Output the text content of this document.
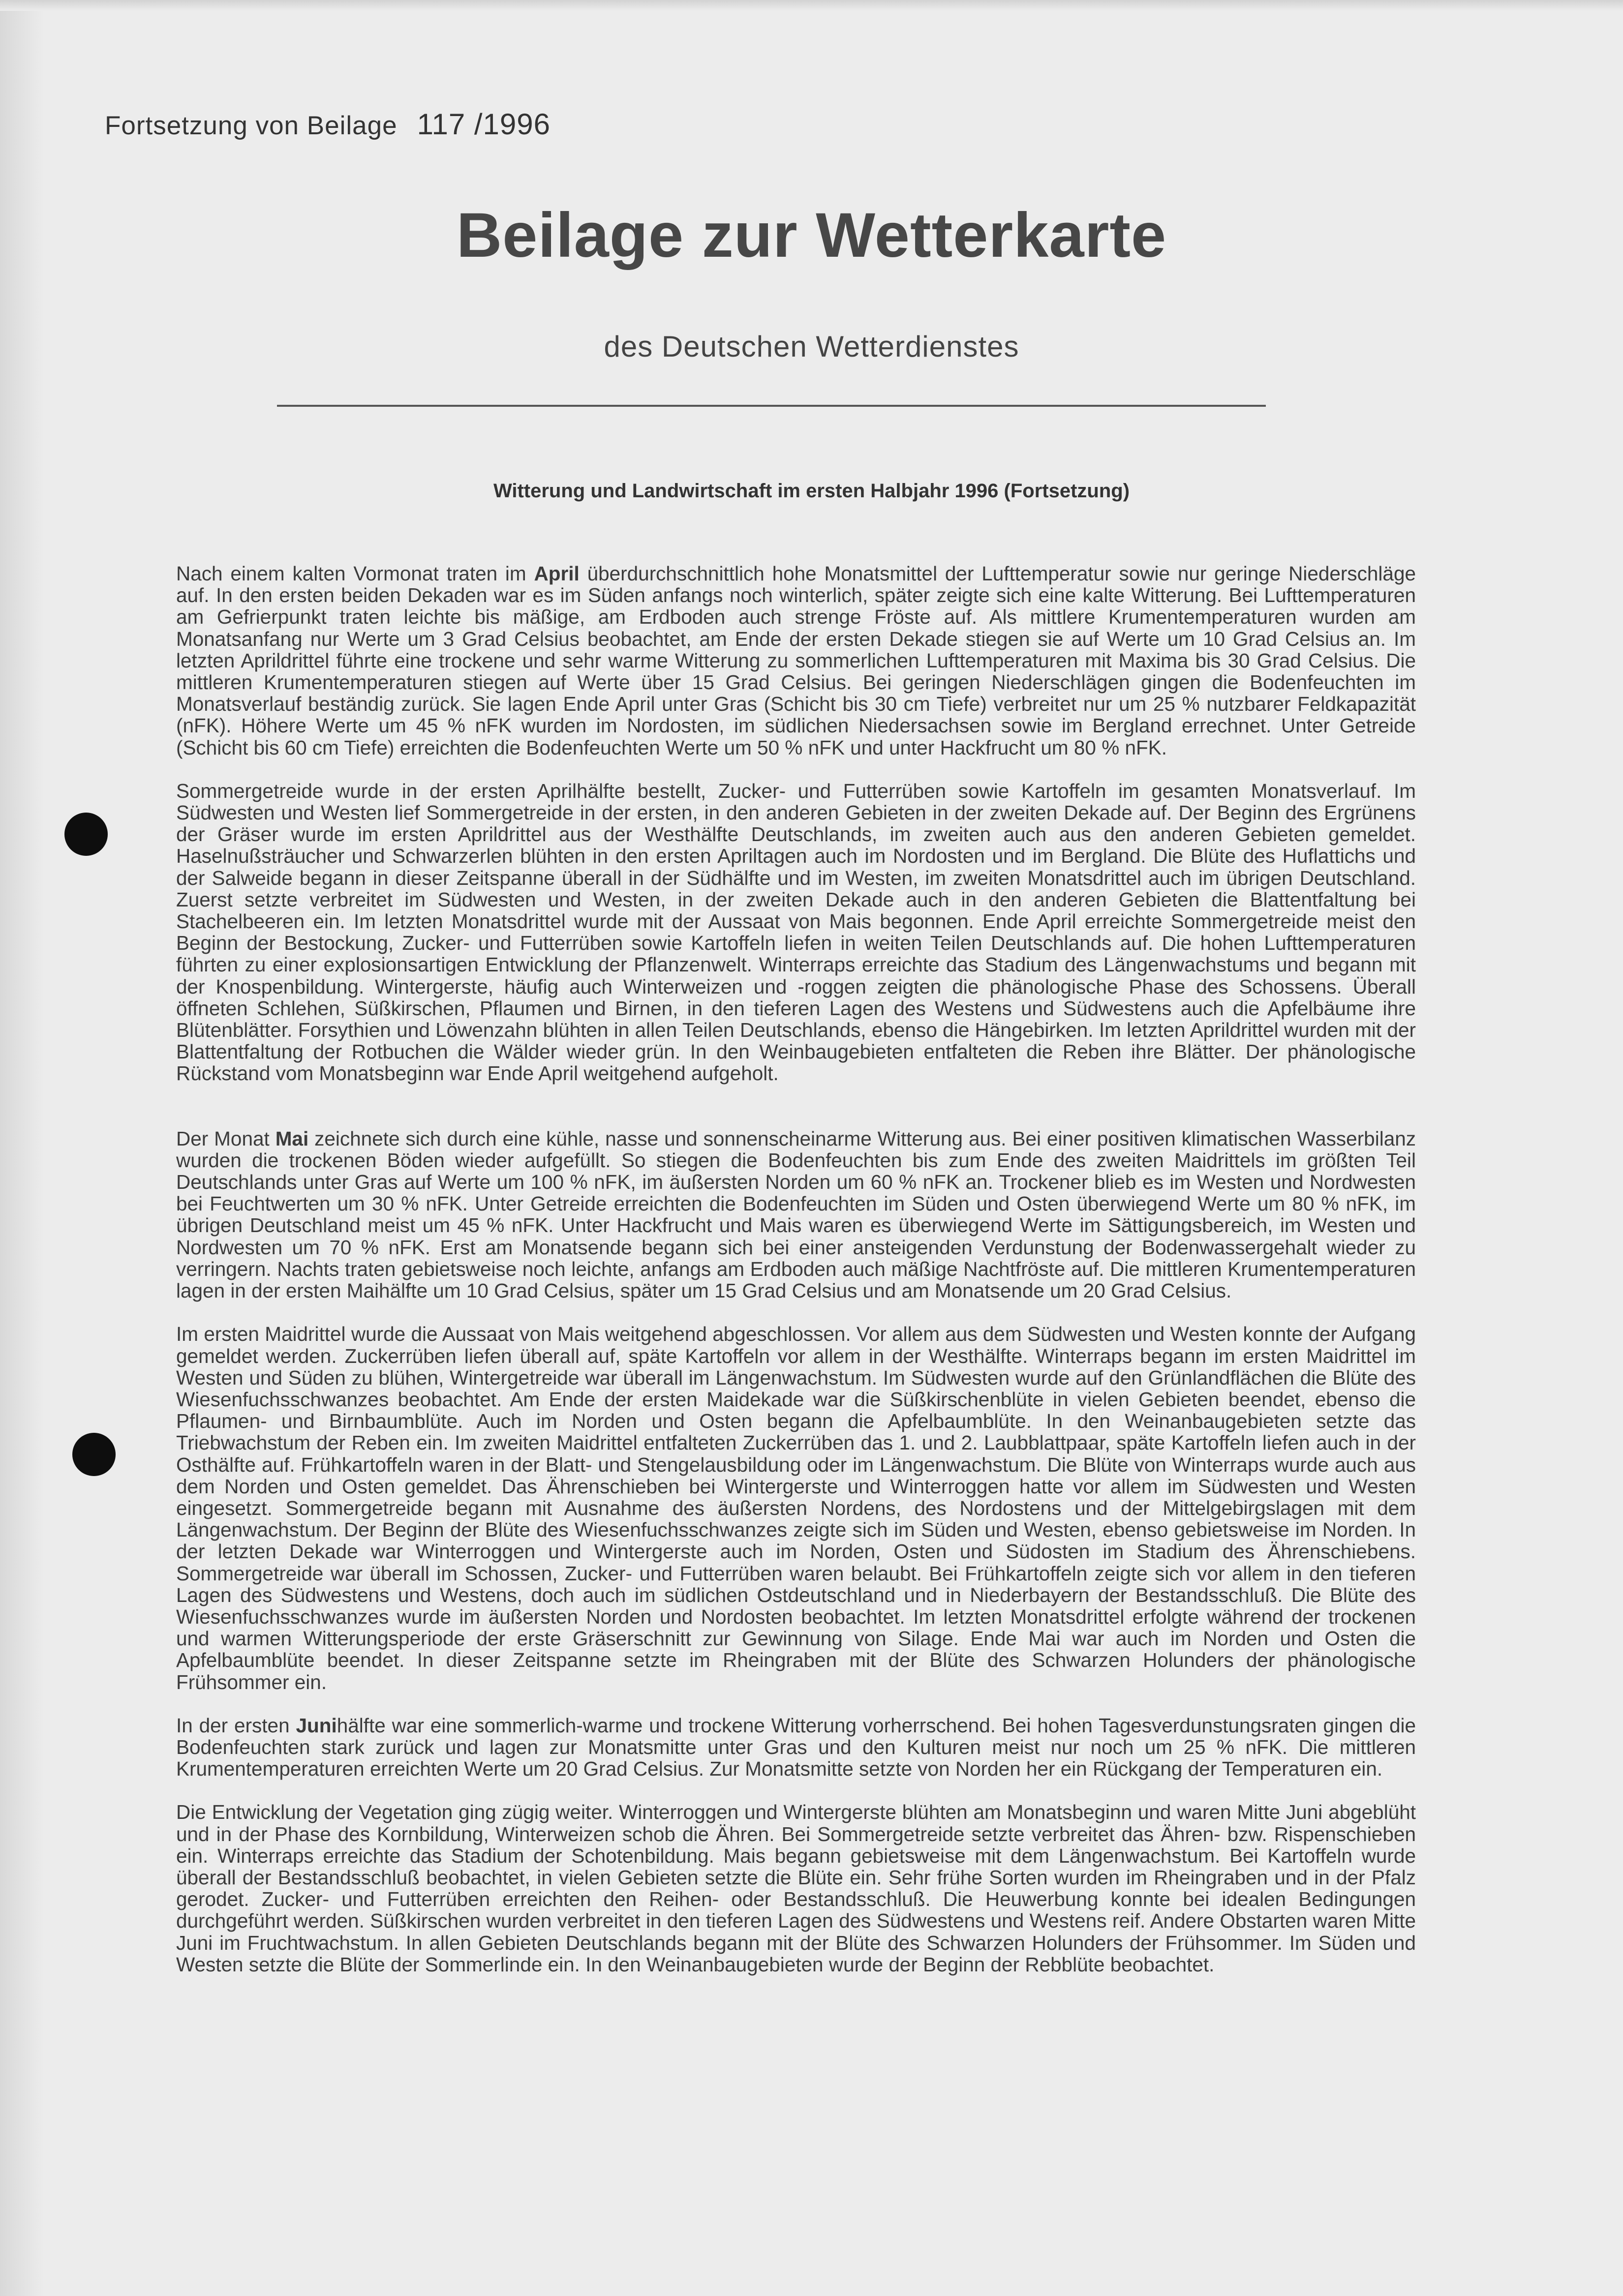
Fortsetzung von Beilage 117 /1996
Beilage zur Wetterkarte
des Deutschen Wetterdienstes
Witterung und Landwirtschaft im ersten Halbjahr 1996 (Fortsetzung)

Nach einem kalten Vormonat traten im April überdurchschnittlich hohe Monatsmittel der Lufttemperatur sowie nur geringe Niederschläge auf. In den ersten beiden Dekaden war es im Süden anfangs noch winterlich, später zeigte sich eine kalte Witterung. Bei Lufttemperaturen am Gefrierpunkt traten leichte bis mäßige, am Erdboden auch strenge Fröste auf. Als mittlere Krumentemperaturen wurden am Monatsanfang nur Werte um 3 Grad Celsius beobachtet, am Ende der ersten Dekade stiegen sie auf Werte um 10 Grad Celsius an. Im letzten Aprildrittel führte eine trockene und sehr warme Witterung zu sommerlichen Lufttemperaturen mit Maxima bis 30 Grad Celsius. Die mittleren Krumentemperaturen stiegen auf Werte über 15 Grad Celsius. Bei geringen Niederschlägen gingen die Bodenfeuchten im Monatsverlauf beständig zurück. Sie lagen Ende April unter Gras (Schicht bis 30 cm Tiefe) verbreitet nur um 25 % nutzbarer Feldkapazität (nFK). Höhere Werte um 45 % nFK wurden im Nordosten, im südlichen Niedersachsen sowie im Bergland errechnet. Unter Getreide (Schicht bis 60 cm Tiefe) erreichten die Bodenfeuchten Werte um 50 % nFK und unter Hackfrucht um 80 % nFK.

Sommergetreide wurde in der ersten Aprilhälfte bestellt, Zucker- und Futterrüben sowie Kartoffeln im gesamten Monatsverlauf. Im Südwesten und Westen lief Sommergetreide in der ersten, in den anderen Gebieten in der zweiten Dekade auf. Der Beginn des Ergrünens der Gräser wurde im ersten Aprildrittel aus der Westhälfte Deutschlands, im zweiten auch aus den anderen Gebieten gemeldet. Haselnußsträucher und Schwarzerlen blühten in den ersten Apriltagen auch im Nordosten und im Bergland. Die Blüte des Huflattichs und der Salweide begann in dieser Zeitspanne überall in der Südhälfte und im Westen, im zweiten Monatsdrittel auch im übrigen Deutschland. Zuerst setzte verbreitet im Südwesten und Westen, in der zweiten Dekade auch in den anderen Gebieten die Blattentfaltung bei Stachelbeeren ein. Im letzten Monatsdrittel wurde mit der Aussaat von Mais begonnen. Ende April erreichte Sommergetreide meist den Beginn der Bestockung, Zucker- und Futterrüben sowie Kartoffeln liefen in weiten Teilen Deutschlands auf. Die hohen Lufttemperaturen führten zu einer explosionsartigen Entwicklung der Pflanzenwelt. Winterraps erreichte das Stadium des Längenwachstums und begann mit der Knospenbildung. Wintergerste, häufig auch Winterweizen und -roggen zeigten die phänologische Phase des Schossens. Überall öffneten Schlehen, Süßkirschen, Pflaumen und Birnen, in den tieferen Lagen des Westens und Südwestens auch die Apfelbäume ihre Blütenblätter. Forsythien und Löwenzahn blühten in allen Teilen Deutschlands, ebenso die Hängebirken. Im letzten Aprildrittel wurden mit der Blattentfaltung der Rotbuchen die Wälder wieder grün. In den Weinbaugebieten entfalteten die Reben ihre Blätter. Der phänologische Rückstand vom Monatsbeginn war Ende April weitgehend aufgeholt.

Der Monat Mai zeichnete sich durch eine kühle, nasse und sonnenscheinarme Witterung aus. Bei einer positiven klimatischen Wasserbilanz wurden die trockenen Böden wieder aufgefüllt. So stiegen die Bodenfeuchten bis zum Ende des zweiten Maidrittels im größten Teil Deutschlands unter Gras auf Werte um 100 % nFK, im äußersten Norden um 60 % nFK an. Trockener blieb es im Westen und Nordwesten bei Feuchtwerten um 30 % nFK. Unter Getreide erreichten die Bodenfeuchten im Süden und Osten überwiegend Werte um 80 % nFK, im übrigen Deutschland meist um 45 % nFK. Unter Hackfrucht und Mais waren es überwiegend Werte im Sättigungsbereich, im Westen und Nordwesten um 70 % nFK. Erst am Monatsende begann sich bei einer ansteigenden Verdunstung der Bodenwassergehalt wieder zu verringern. Nachts traten gebietsweise noch leichte, anfangs am Erdboden auch mäßige Nachtfröste auf. Die mittleren Krumentemperaturen lagen in der ersten Maihälfte um 10 Grad Celsius, später um 15 Grad Celsius und am Monatsende um 20 Grad Celsius.

Im ersten Maidrittel wurde die Aussaat von Mais weitgehend abgeschlossen. Vor allem aus dem Südwesten und Westen konnte der Aufgang gemeldet werden. Zuckerrüben liefen überall auf, späte Kartoffeln vor allem in der Westhälfte. Winterraps begann im ersten Maidrittel im Westen und Süden zu blühen, Wintergetreide war überall im Längenwachstum. Im Südwesten wurde auf den Grünlandflächen die Blüte des Wiesenfuchsschwanzes beobachtet. Am Ende der ersten Maidekade war die Süßkirschenblüte in vielen Gebieten beendet, ebenso die Pflaumen- und Birnbaumblüte. Auch im Norden und Osten begann die Apfelbaumblüte. In den Weinanbaugebieten setzte das Triebwachstum der Reben ein. Im zweiten Maidrittel entfalteten Zuckerrüben das 1. und 2. Laubblattpaar, späte Kartoffeln liefen auch in der Osthälfte auf. Frühkartoffeln waren in der Blatt- und Stengelausbildung oder im Längenwachstum. Die Blüte von Winterraps wurde auch aus dem Norden und Osten gemeldet. Das Ährenschieben bei Wintergerste und Winterroggen hatte vor allem im Südwesten und Westen eingesetzt. Sommergetreide begann mit Ausnahme des äußersten Nordens, des Nordostens und der Mittelgebirgslagen mit dem Längenwachstum. Der Beginn der Blüte des Wiesenfuchsschwanzes zeigte sich im Süden und Westen, ebenso gebietsweise im Norden. In der letzten Dekade war Winterroggen und Wintergerste auch im Norden, Osten und Südosten im Stadium des Ährenschiebens. Sommergetreide war überall im Schossen, Zucker- und Futterrüben waren belaubt. Bei Frühkartoffeln zeigte sich vor allem in den tieferen Lagen des Südwestens und Westens, doch auch im südlichen Ostdeutschland und in Niederbayern der Bestandsschluß. Die Blüte des Wiesenfuchsschwanzes wurde im äußersten Norden und Nordosten beobachtet. Im letzten Monatsdrittel erfolgte während der trockenen und warmen Witterungsperiode der erste Gräserschnitt zur Gewinnung von Silage. Ende Mai war auch im Norden und Osten die Apfelbaumblüte beendet. In dieser Zeitspanne setzte im Rheingraben mit der Blüte des Schwarzen Holunders der phänologische Frühsommer ein.

In der ersten Junihälfte war eine sommerlich-warme und trockene Witterung vorherrschend. Bei hohen Tagesverdunstungsraten gingen die Bodenfeuchten stark zurück und lagen zur Monatsmitte unter Gras und den Kulturen meist nur noch um 25 % nFK. Die mittleren Krumentemperaturen erreichten Werte um 20 Grad Celsius. Zur Monatsmitte setzte von Norden her ein Rückgang der Temperaturen ein.

Die Entwicklung der Vegetation ging zügig weiter. Winterroggen und Wintergerste blühten am Monatsbeginn und waren Mitte Juni abgeblüht und in der Phase des Kornbildung, Winterweizen schob die Ähren. Bei Sommergetreide setzte verbreitet das Ähren- bzw. Rispenschieben ein. Winterraps erreichte das Stadium der Schotenbildung. Mais begann gebietsweise mit dem Längenwachstum. Bei Kartoffeln wurde überall der Bestandsschluß beobachtet, in vielen Gebieten setzte die Blüte ein. Sehr frühe Sorten wurden im Rheingraben und in der Pfalz gerodet. Zucker- und Futterrüben erreichten den Reihen- oder Bestandsschluß. Die Heuwerbung konnte bei idealen Bedingungen durchgeführt werden. Süßkirschen wurden verbreitet in den tieferen Lagen des Südwestens und Westens reif. Andere Obstarten waren Mitte Juni im Fruchtwachstum. In allen Gebieten Deutschlands begann mit der Blüte des Schwarzen Holunders der Frühsommer. Im Süden und Westen setzte die Blüte der Sommerlinde ein. In den Weinanbaugebieten wurde der Beginn der Rebblüte beobachtet.
